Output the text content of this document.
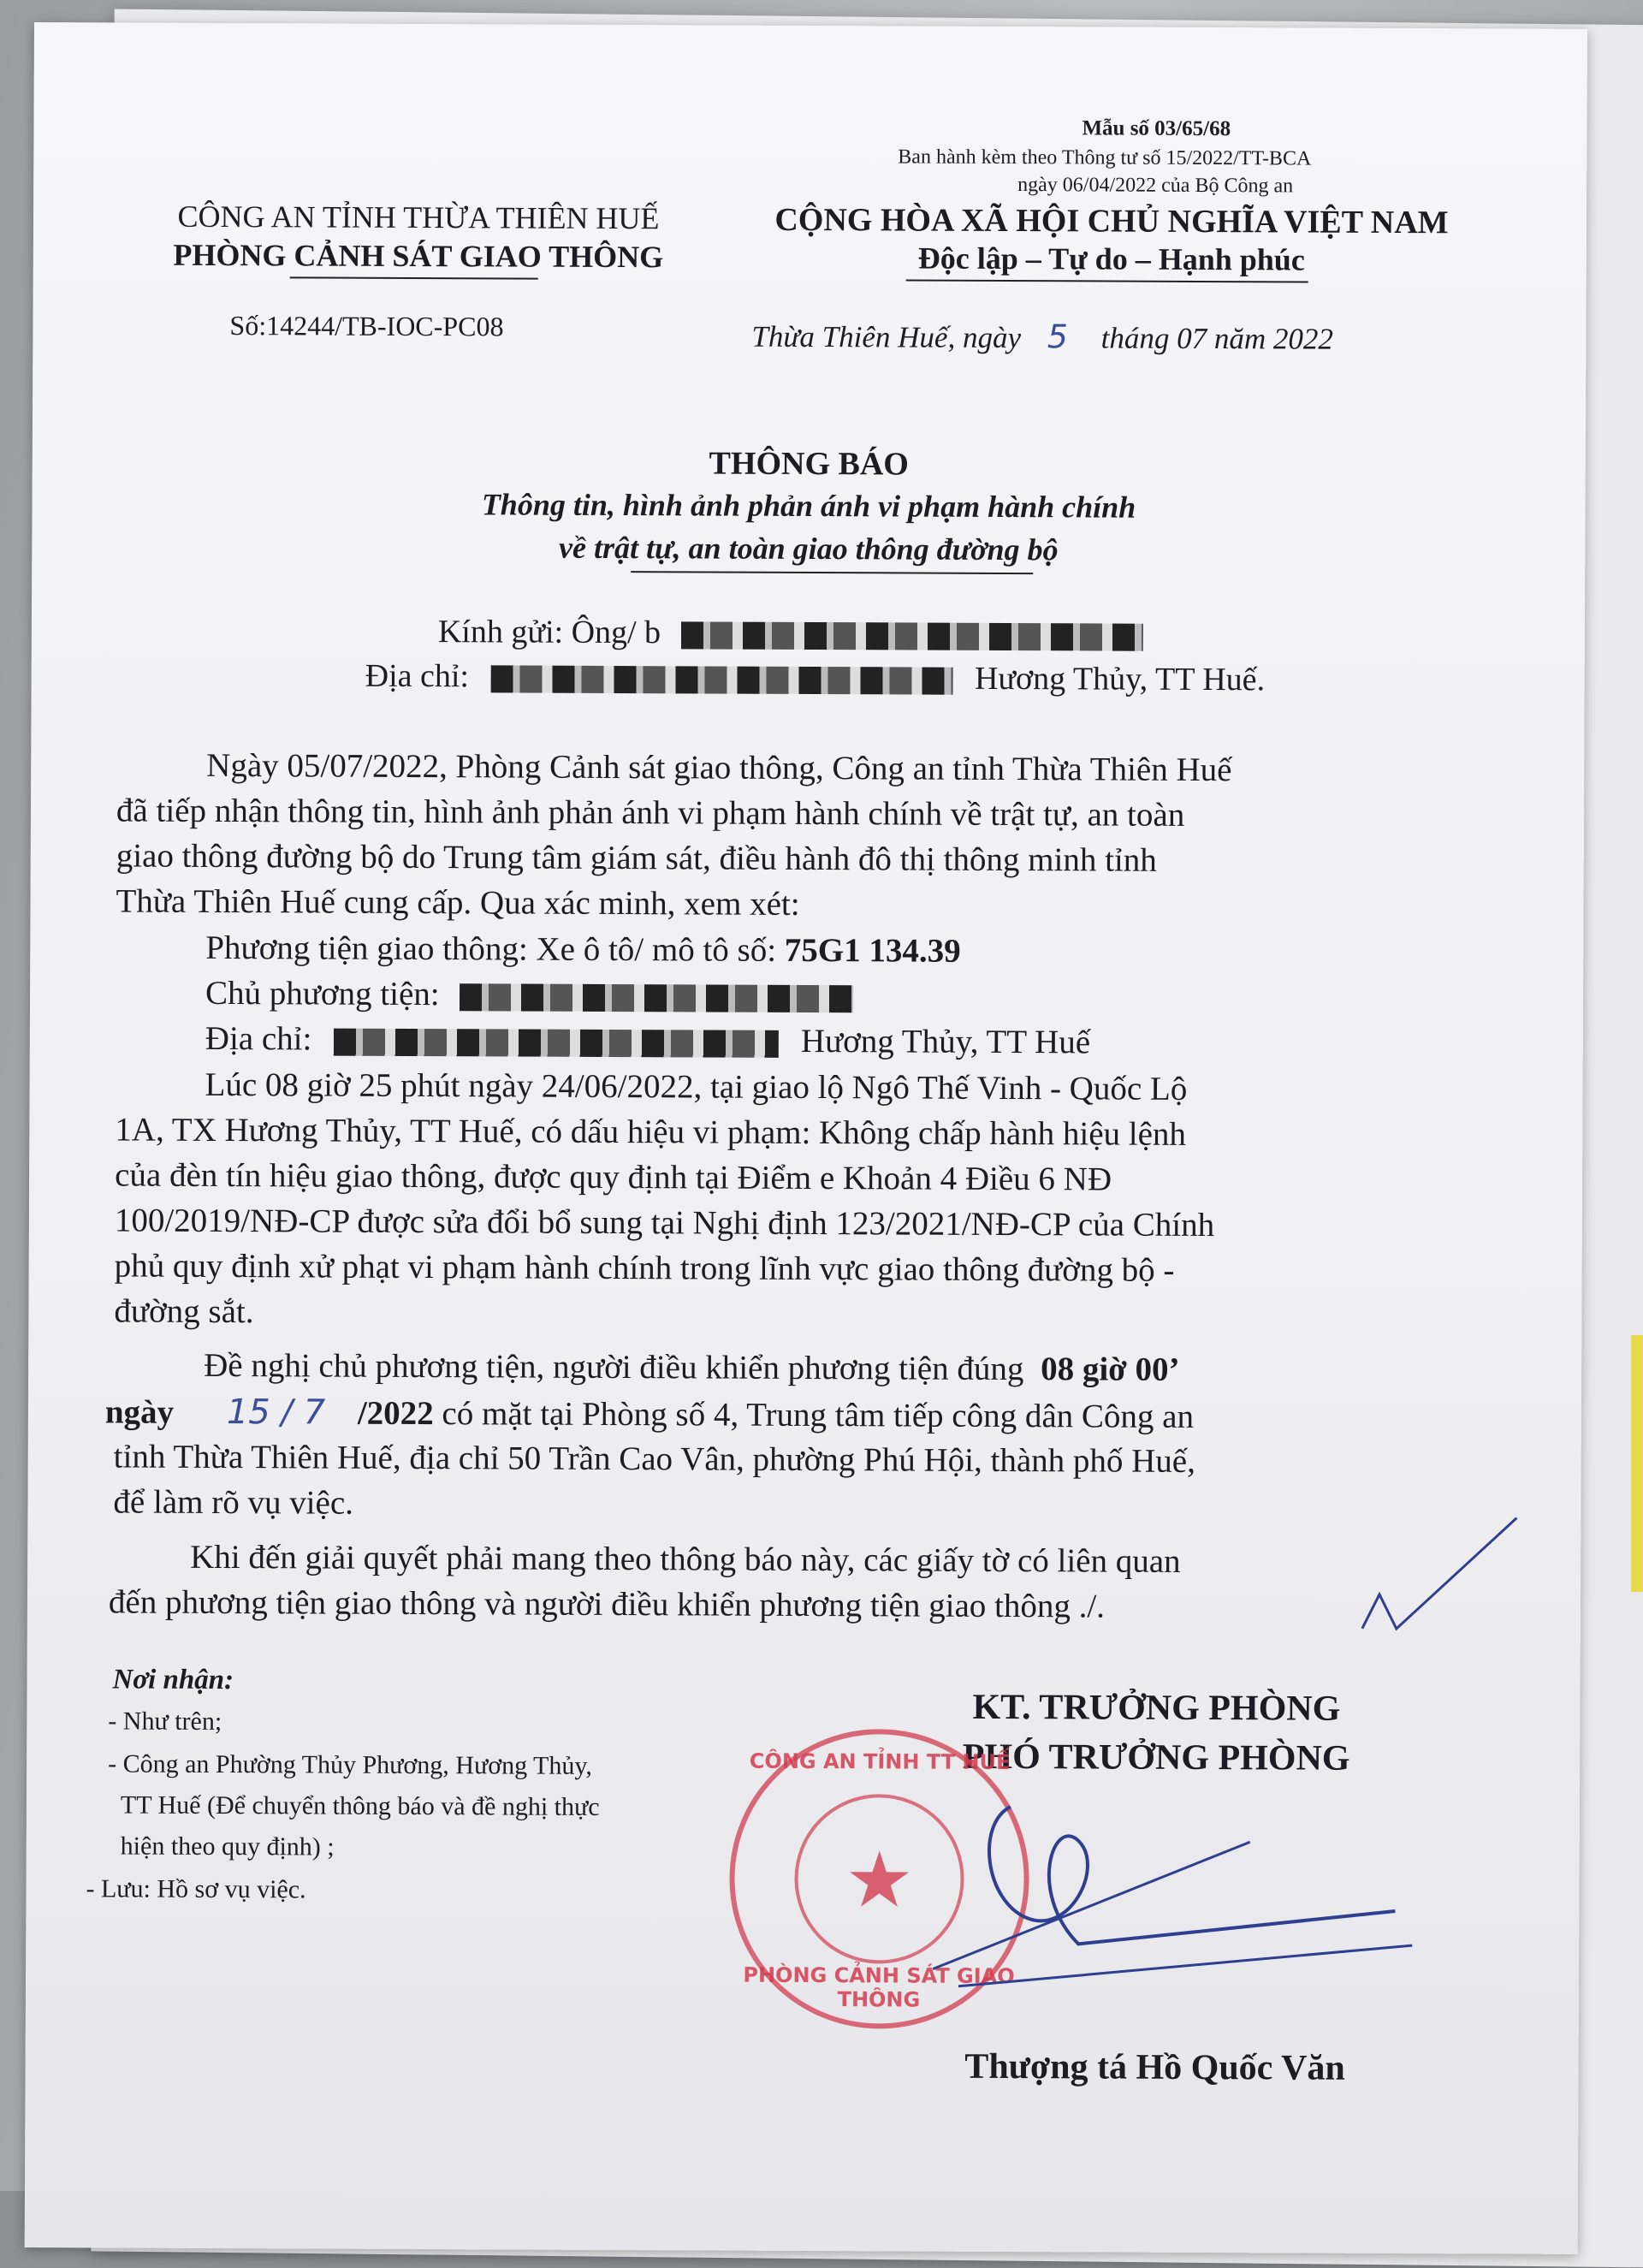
Mẫu số 03/65/68
Ban hành kèm theo Thông tư số 15/2022/TT-BCA
ngày 06/04/2022 của Bộ Công an
CÔNG AN TỈNH THỪA THIÊN HUẾ
PHÒNG CẢNH SÁT GIAO THÔNG
Số:14244/TB-IOC-PC08
CỘNG HÒA XÃ HỘI CHỦ NGHĨA VIỆT NAM
Độc lập – Tự do – Hạnh phúc
Thừa Thiên Huế, ngày 5 tháng 07 năm 2022
THÔNG BÁO
Thông tin, hình ảnh phản ánh vi phạm hành chính
về trật tự, an toàn giao thông đường bộ
Kính gửi: Ông/ b
Địa chỉ:	Hương Thủy, TT Huế.
Ngày 05/07/2022, Phòng Cảnh sát giao thông, Công an tỉnh Thừa Thiên Huế
đã tiếp nhận thông tin, hình ảnh phản ánh vi phạm hành chính về trật tự, an toàn
giao thông đường bộ do Trung tâm giám sát, điều hành đô thị thông minh tỉnh
Thừa Thiên Huế cung cấp. Qua xác minh, xem xét:
Phương tiện giao thông: Xe ô tô/ mô tô số: 75G1 134.39
Chủ phương tiện:
Địa chỉ:	Hương Thủy, TT Huế
Lúc 08 giờ 25 phút ngày 24/06/2022, tại giao lộ Ngô Thế Vinh - Quốc Lộ
1A, TX Hương Thủy, TT Huế, có dấu hiệu vi phạm: Không chấp hành hiệu lệnh
của đèn tín hiệu giao thông, được quy định tại Điểm e Khoản 4 Điều 6 NĐ
100/2019/NĐ-CP được sửa đổi bổ sung tại Nghị định 123/2021/NĐ-CP của Chính
phủ quy định xử phạt vi phạm hành chính trong lĩnh vực giao thông đường bộ -
đường sắt.
Đề nghị chủ phương tiện, người điều khiển phương tiện đúng 08 giờ 00’
ngày 15 / 7 /2022 có mặt tại Phòng số 4, Trung tâm tiếp công dân Công an
tỉnh Thừa Thiên Huế, địa chỉ 50 Trần Cao Vân, phường Phú Hội, thành phố Huế,
để làm rõ vụ việc.
Khi đến giải quyết phải mang theo thông báo này, các giấy tờ có liên quan
đến phương tiện giao thông và người điều khiển phương tiện giao thông ./.
Nơi nhận:
- Như trên;
- Công an Phường Thủy Phương, Hương Thủy,
TT Huế (Để chuyển thông báo và đề nghị thực
hiện theo quy định) ;
- Lưu: Hồ sơ vụ việc.
KT. TRƯỞNG PHÒNG
PHÓ TRƯỞNG PHÒNG
CÔNG AN TỈNH TT HUẾ
★
PHÒNG CẢNH SÁT GIAO THÔNG
Thượng tá Hồ Quốc Văn
